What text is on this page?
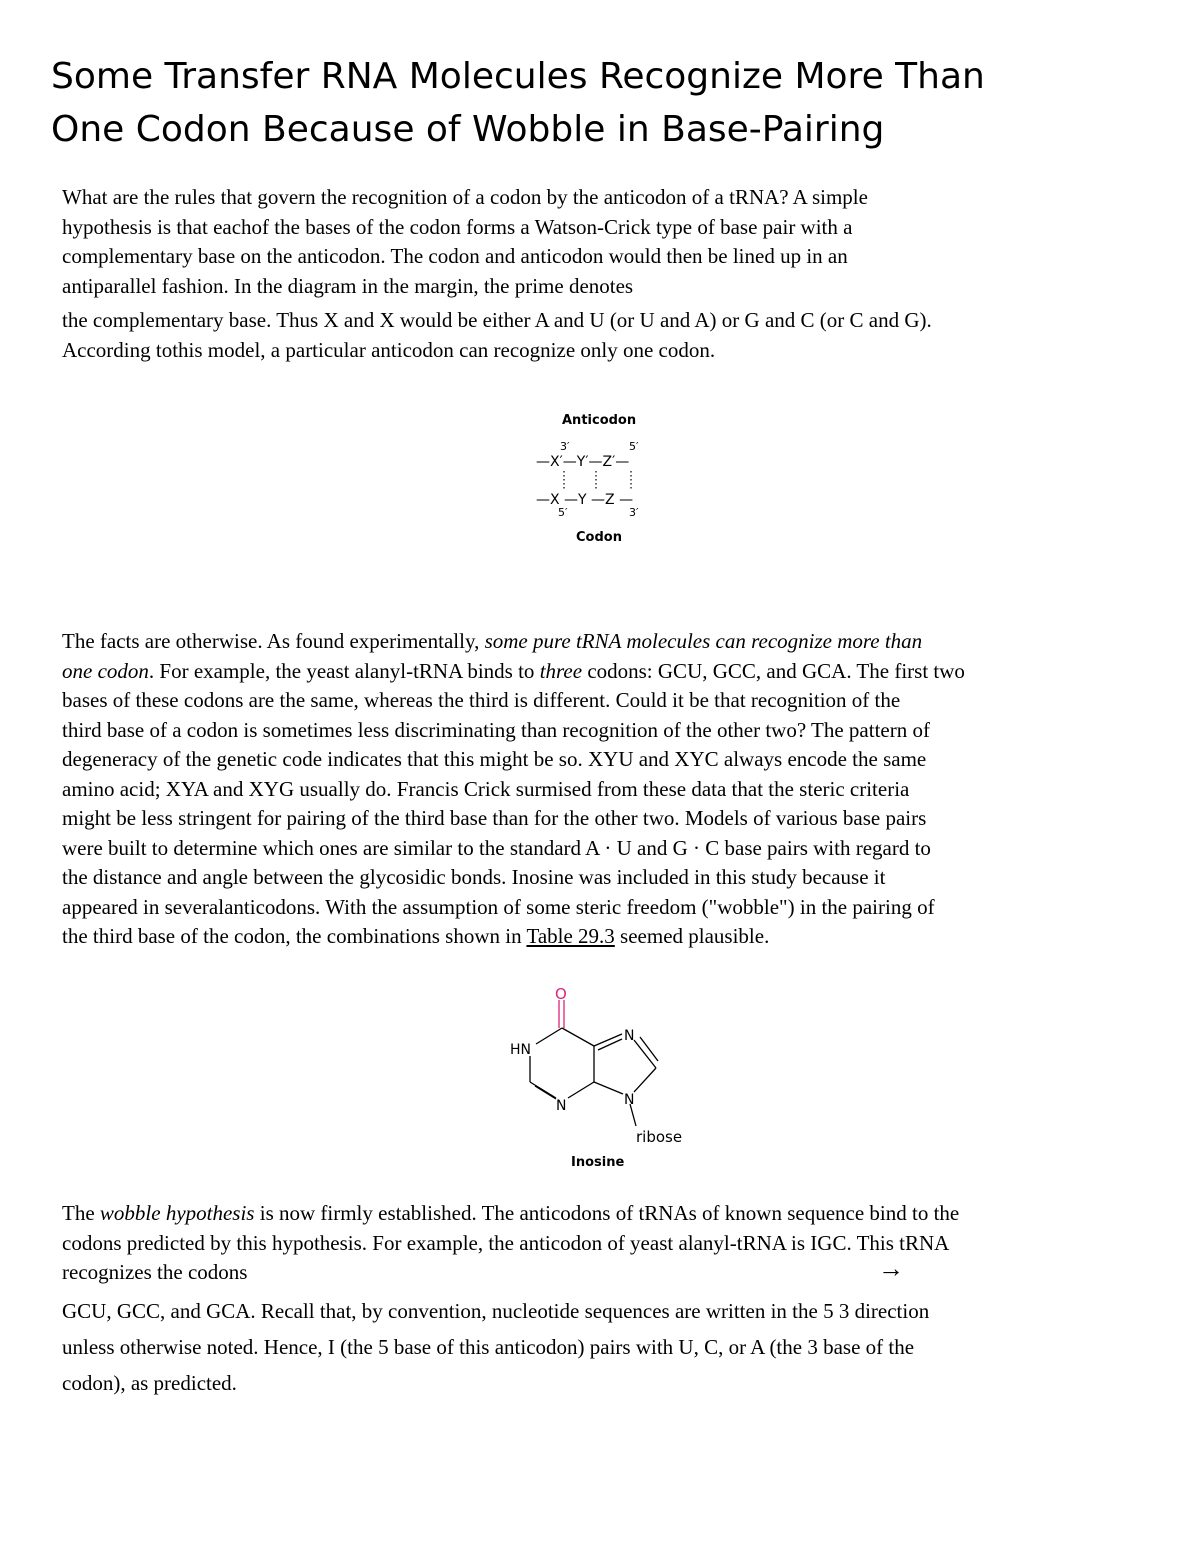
Some Transfer RNA Molecules Recognize More Than
One Codon Because of Wobble in Base-Pairing

What are the rules that govern the recognition of a codon by the anticodon of a tRNA? A simple
hypothesis is that eachof the bases of the codon forms a Watson-Crick type of base pair with a
complementary base on the anticodon. The codon and anticodon would then be lined up in an
antiparallel fashion. In the diagram in the margin, the prime denotes

the complementary base. Thus X and X would be either A and U (or U and A) or G and C (or C and G).
According tothis model, a particular anticodon can recognize only one codon.

Anticodon
3′	5′
—X′—Y′—Z′—
—X —Y —Z —
5′	3′
Codon

The facts are otherwise. As found experimentally, some pure tRNA molecules can recognize more than
one codon. For example, the yeast alanyl-tRNA binds to three codons: GCU, GCC, and GCA. The first two
bases of these codons are the same, whereas the third is different. Could it be that recognition of the
third base of a codon is sometimes less discriminating than recognition of the other two? The pattern of
degeneracy of the genetic code indicates that this might be so. XYU and XYC always encode the same
amino acid; XYA and XYG usually do. Francis Crick surmised from these data that the steric criteria
might be less stringent for pairing of the third base than for the other two. Models of various base pairs
were built to determine which ones are similar to the standard A · U and G · C base pairs with regard to
the distance and angle between the glycosidic bonds. Inosine was included in this study because it
appeared in severalanticodons. With the assumption of some steric freedom ("wobble") in the pairing of
the third base of the codon, the combinations shown in Table 29.3 seemed plausible.

O
HN
N
N
N
ribose
Inosine

The wobble hypothesis is now firmly established. The anticodons of tRNAs of known sequence bind to the
codons predicted by this hypothesis. For example, the anticodon of yeast alanyl-tRNA is IGC. This tRNA
recognizes the codons	→

GCU, GCC, and GCA. Recall that, by convention, nucleotide sequences are written in the 5 3 direction
unless otherwise noted. Hence, I (the 5 base of this anticodon) pairs with U, C, or A (the 3 base of the
codon), as predicted.
